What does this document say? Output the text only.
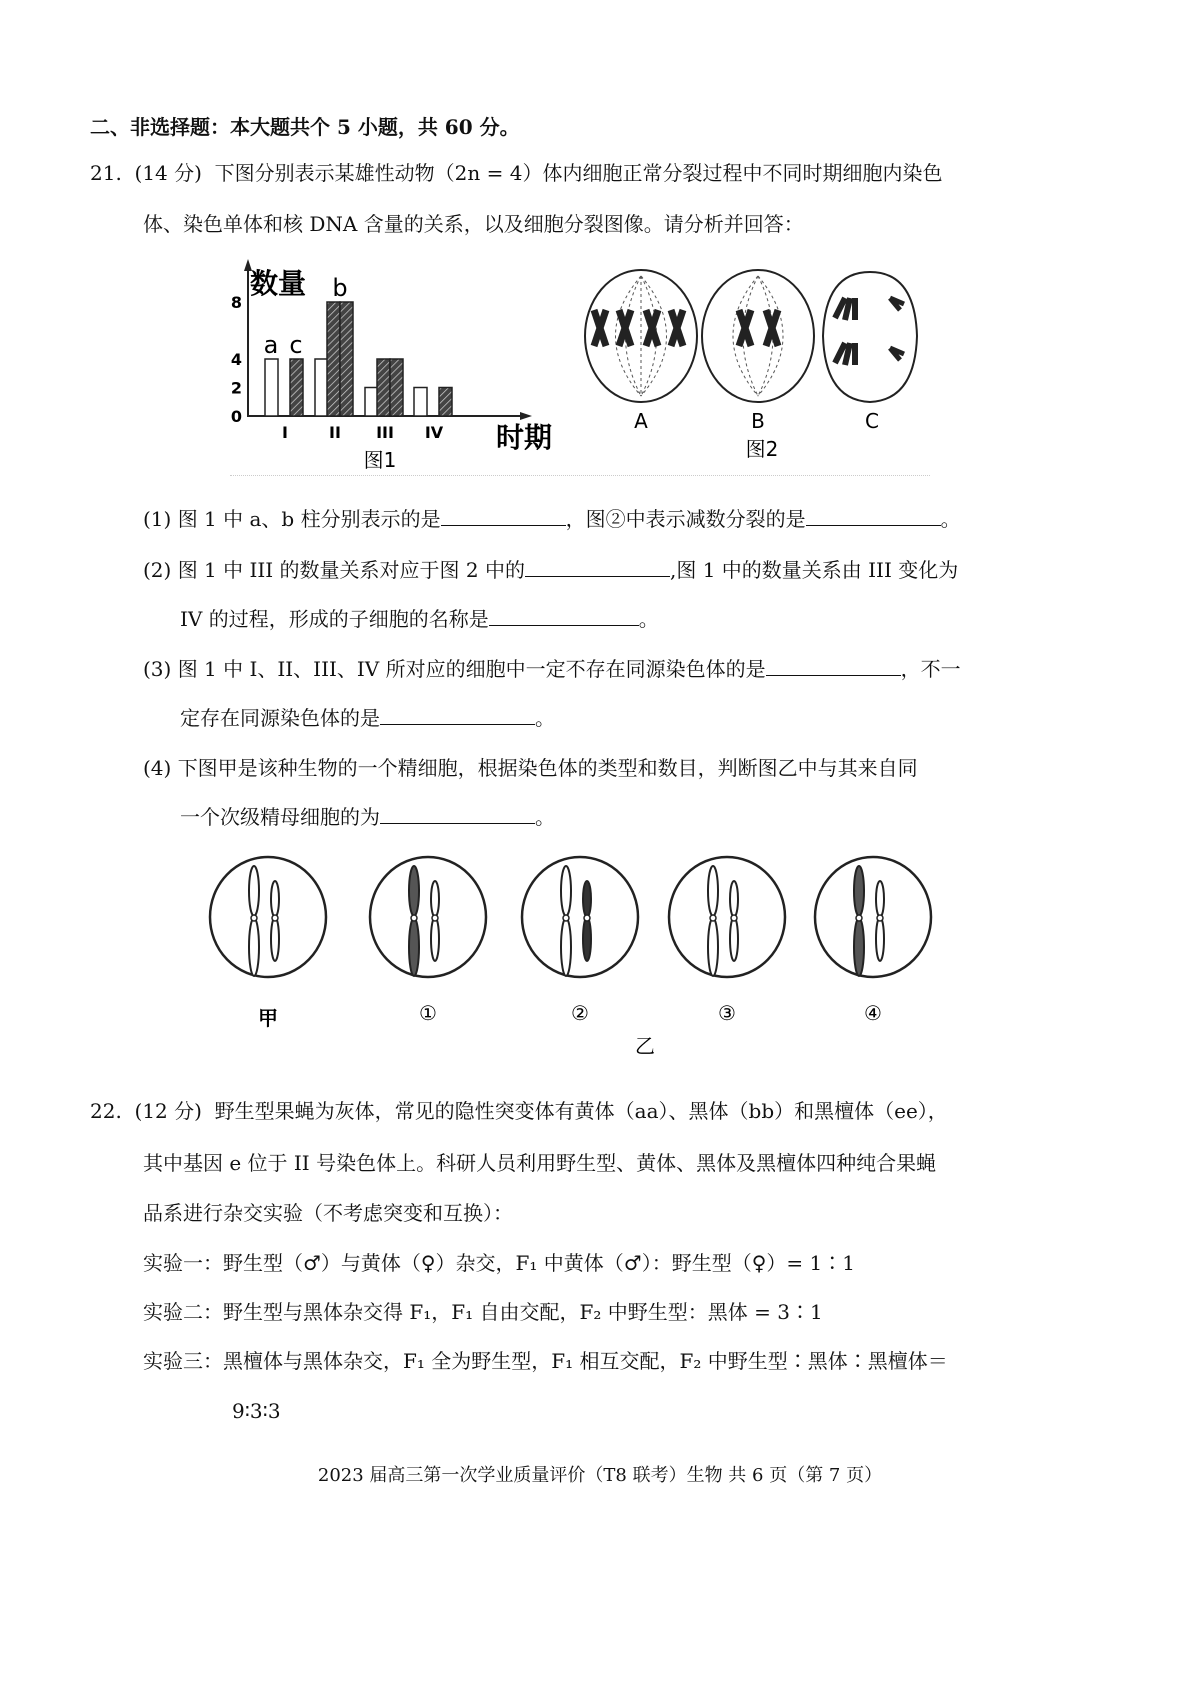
二、非选择题：本大题共个 5 小题，共 60 分。
21. (14 分) 下图分别表示某雄性动物（2n = 4）体内细胞正常分裂过程中不同时期细胞内染色
体、染色单体和核 DNA 含量的关系，以及细胞分裂图像。请分析并回答：
数量
时期
图1
0
2
4
8
I	II III IV
a c
b
A	B	C
图2
(1) 图 1 中 a、b 柱分别表示的是	，图②中表示减数分裂的是	。
(2) 图 1 中 III 的数量关系对应于图 2 中的	,图 1 中的数量关系由 III 变化为
IV 的过程，形成的子细胞的名称是	。
(3) 图 1 中 I、II、III、IV 所对应的细胞中一定不存在同源染色体的是	，不一
定存在同源染色体的是	。
(4) 下图甲是该种生物的一个精细胞，根据染色体的类型和数目，判断图乙中与其来自同
一个次级精母细胞的为	。
甲	①	②	③	④
乙
22. (12 分) 野生型果蝇为灰体，常见的隐性突变体有黄体（aa）、黑体（bb）和黑檀体（ee），
其中基因 e 位于 II 号染色体上。科研人员利用野生型、黄体、黑体及黑檀体四种纯合果蝇
品系进行杂交实验（不考虑突变和互换）：
实验一：野生型（♂）与黄体（♀）杂交，F₁ 中黄体（♂）：野生型（♀）= 1∶1
实验二：野生型与黑体杂交得 F₁，F₁ 自由交配，F₂ 中野生型：黑体 = 3∶1
实验三：黑檀体与黑体杂交，F₁ 全为野生型，F₁ 相互交配，F₂ 中野生型∶黑体∶黑檀体＝
9∶3∶3
2023 届高三第一次学业质量评价（T8 联考）生物 共 6 页（第 7 页）
